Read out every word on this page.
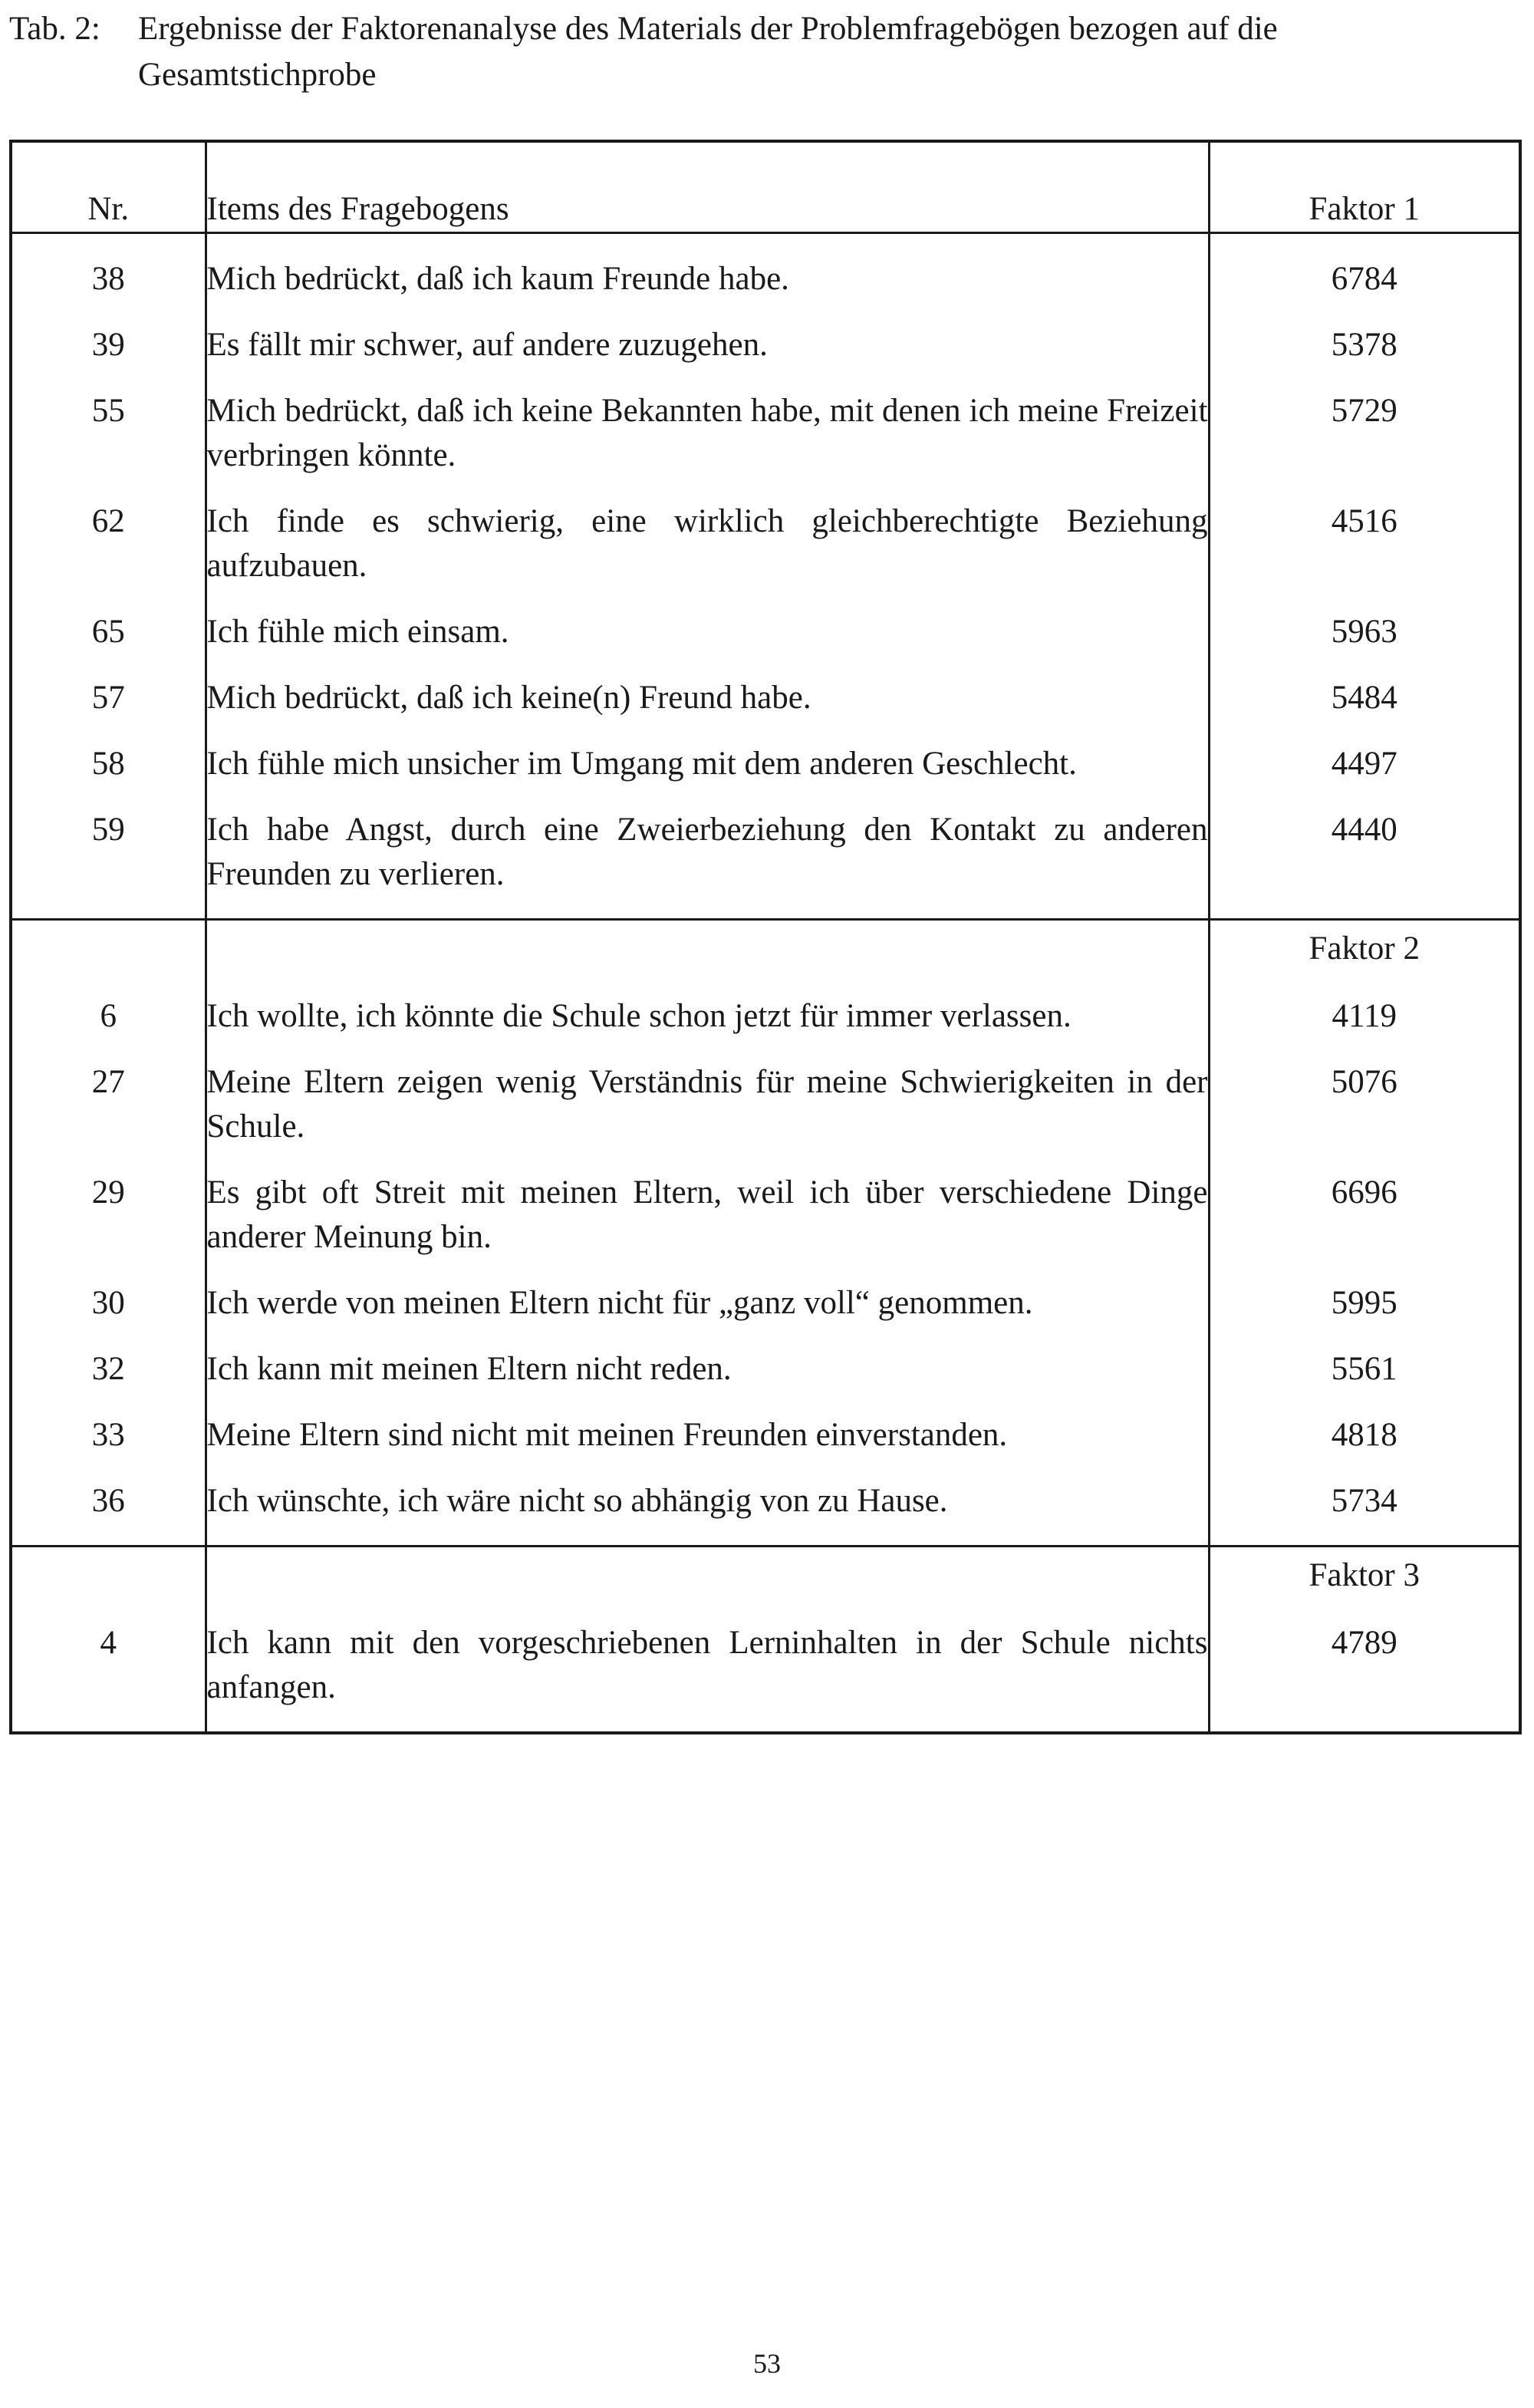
Tab. 2: Ergebnisse der Faktorenanalyse des Materials der Problemfragebögen bezogen auf die
Gesamtstichprobe
Nr.	Items des Fragebogens	Faktor 1
38	Mich bedrückt, daß ich kaum Freunde habe.	6784
39	Es fällt mir schwer, auf andere zuzugehen.	5378
55	Mich bedrückt, daß ich keine Bekannten habe, mit denen ich meine Freizeit verbringen könnte.	5729
62	Ich finde es schwierig, eine wirklich gleichberechtigte Beziehung aufzubauen.	4516
65	Ich fühle mich einsam.	5963
57	Mich bedrückt, daß ich keine(n) Freund habe.	5484
58	Ich fühle mich unsicher im Umgang mit dem anderen Geschlecht.	4497
59	Ich habe Angst, durch eine Zweierbeziehung den Kontakt zu anderen Freunden zu verlieren.	4440
		Faktor 2
6	Ich wollte, ich könnte die Schule schon jetzt für immer verlassen.	4119
27	Meine Eltern zeigen wenig Verständnis für meine Schwierigkeiten in der Schule.	5076
29	Es gibt oft Streit mit meinen Eltern, weil ich über verschiedene Dinge anderer Meinung bin.	6696
30	Ich werde von meinen Eltern nicht für „ganz voll“ genommen.	5995
32	Ich kann mit meinen Eltern nicht reden.	5561
33	Meine Eltern sind nicht mit meinen Freunden einverstanden.	4818
36	Ich wünschte, ich wäre nicht so abhängig von zu Hause.	5734
		Faktor 3
4	Ich kann mit den vorgeschriebenen Lerninhalten in der Schule nichts anfangen.	4789
53
